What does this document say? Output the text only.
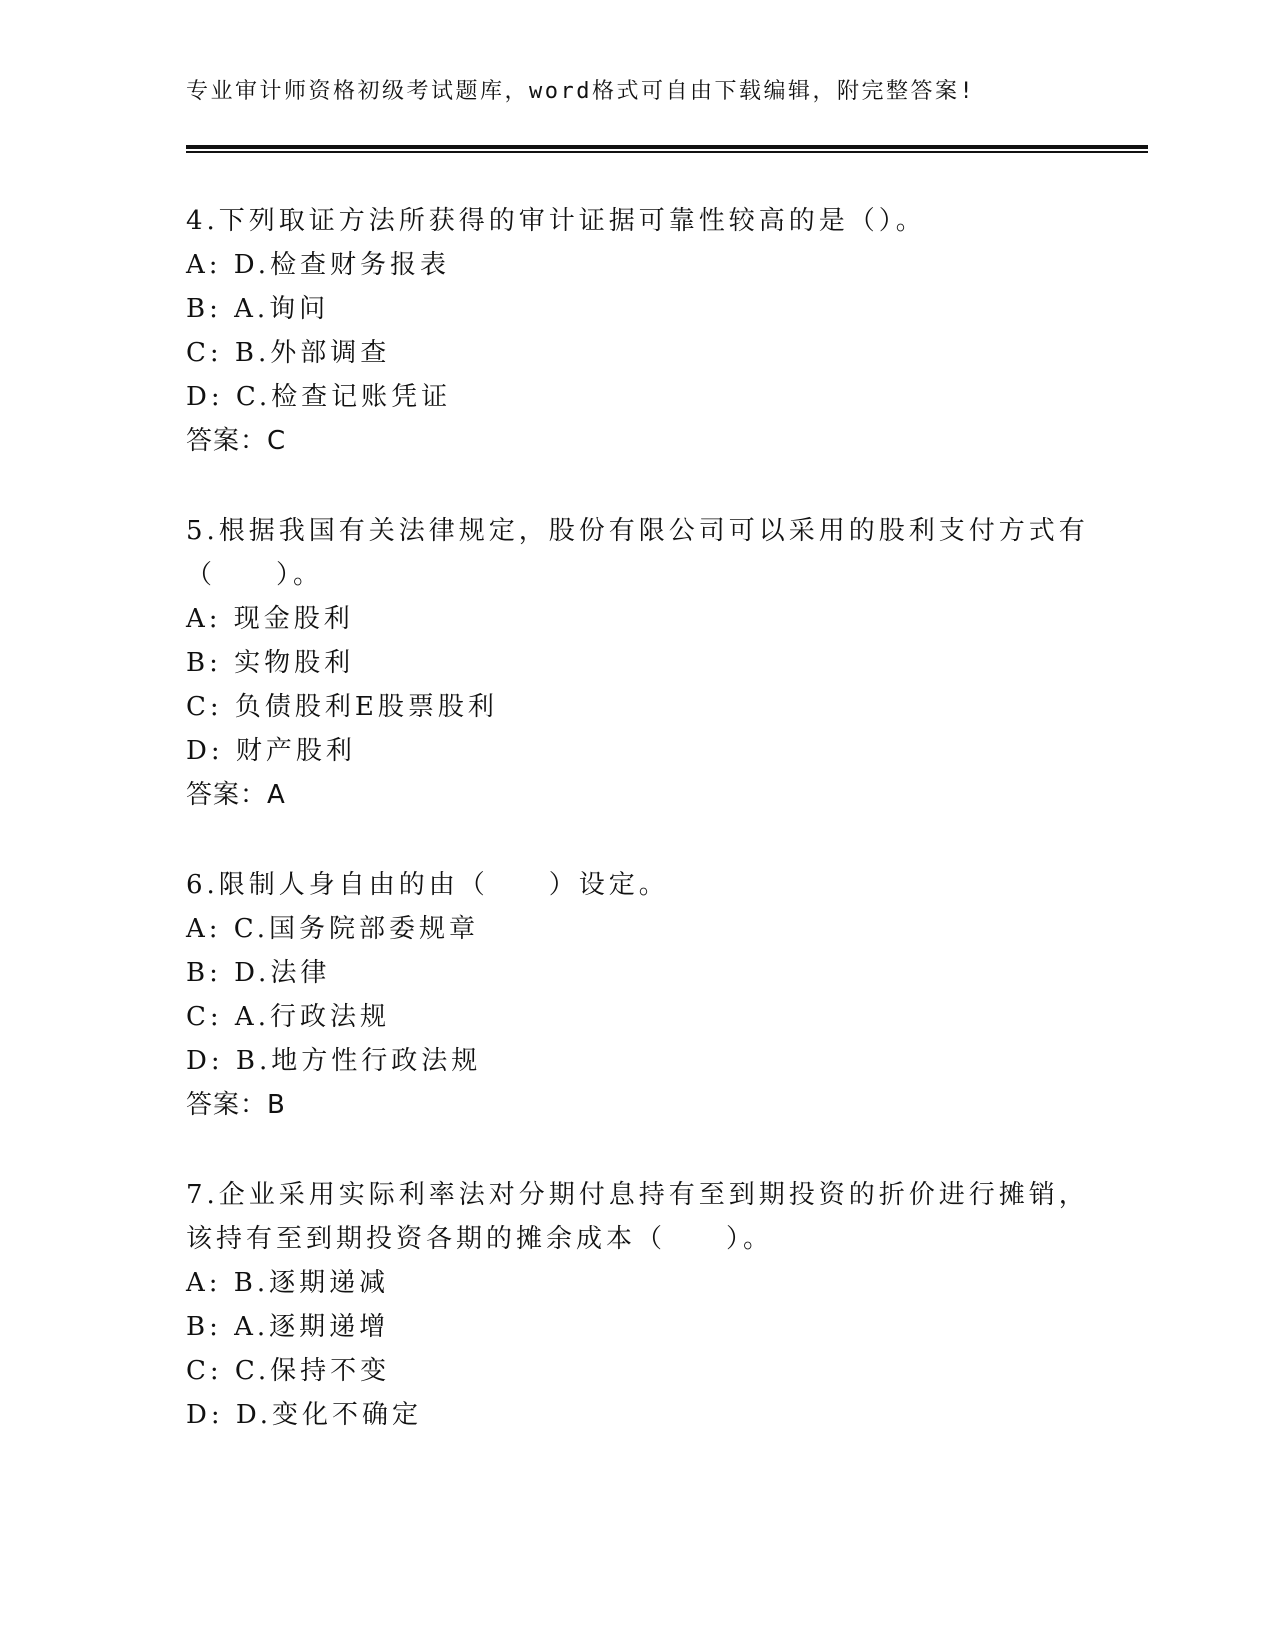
专业审计师资格初级考试题库，word格式可自由下载编辑，附完整答案!
4.下列取证方法所获得的审计证据可靠性较高的是（）。
A: D.检查财务报表
B: A.询问
C: B.外部调查
D: C.检查记账凭证
答案：C
5.根据我国有关法律规定，股份有限公司可以采用的股利支付方式有
（　　）。
A: 现金股利
B: 实物股利
C: 负债股利E股票股利
D: 财产股利
答案：A
6.限制人身自由的由（　　）设定。
A: C.国务院部委规章
B: D.法律
C: A.行政法规
D: B.地方性行政法规
答案：B
7.企业采用实际利率法对分期付息持有至到期投资的折价进行摊销，
该持有至到期投资各期的摊余成本（　　）。
A: B.逐期递减
B: A.逐期递增
C: C.保持不变
D: D.变化不确定
